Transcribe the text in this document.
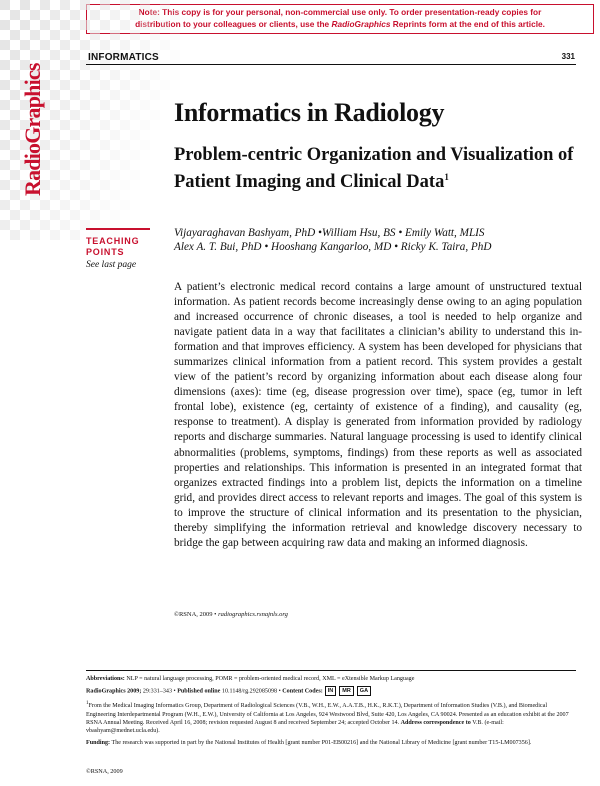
Note: This copy is for your personal, non-commercial use only. To order presentation-ready copies for
distribution to your colleagues or clients, use the RadioGraphics Reprints form at the end of this article.
INFORMATICS	331
RadioGraphics	Informatics in Radiology
Problem-centric Organization and Visualization of Patient Imaging and Clinical Data$^1$
Vijayaraghavan Bashyam, PhD •William Hsu, BS • Emily Watt, MLIS
Alex A. T. Bui, PhD • Hooshang Kangarloo, MD • Ricky K. Taira, PhD
TEACHING POINTS
See last page
A patient’s electronic medical record contains a large amount of unstructured textual information. As patient records become increasingly dense owing to an aging population and increased occurrence of chronic diseases, a tool is needed to help organize and navigate patient data in a way that facilitates a clinician’s ability to understand this information and that improves efficiency. A system has been developed for physicians that summarizes clinical information from a patient record. This system provides a gestalt view of the patient’s record by organizing information about each disease along four dimensions (axes): time (eg, disease progression over time), space (eg, tumor in left frontal lobe), existence (eg, certainty of existence of a finding), and causality (eg, response to treatment). A display is generated from information provided by radiology reports and discharge summaries. Natural language processing is used to identify clinical abnormalities (problems, symptoms, findings) from these reports as well as associated properties and relationships. This information is presented in an integrated format that organizes extracted findings into a problem list, depicts the information on a timeline grid, and provides direct access to relevant reports and images. The goal of this system is to improve the structure of clinical information and its presentation to the physician, thereby simplifying the information retrieval and knowledge discovery necessary to bridge the gap between acquiring raw data and making an informed diagnosis.
©RSNA, 2009 • radiographics.rsnajnls.org

Abbreviations: NLP = natural language processing, POMR = problem-oriented medical record, XML = eXtensible Markup Language

RadioGraphics 2009; 29:331–343 • Published online 10.1148/rg.292085098 • Content Codes: IN	MR	GA

$^1$From the Medical Imaging Informatics Group, Department of Radiological Sciences (V.B., W.H., E.W., A.A.T.B., H.K., R.K.T.), Department of Information Studies (V.B.), and Biomedical Engineering Interdepartmental Program (W.H., E.W.), University of California at Los Angeles, 924 Westwood Blvd, Suite 420, Los Angeles, CA 90024. Presented as an education exhibit at the 2007 RSNA Annual Meeting. Received April 16, 2008; revision requested August 8 and received September 24; accepted October 14. Address correspondence to V.B. (e-mail: vbashyam@mednet.ucla.edu).

Funding: The research was supported in part by the National Institutes of Health [grant number P01-EB00216] and the National Library of Medicine [grant number T15-LM007356].

©RSNA, 2009
